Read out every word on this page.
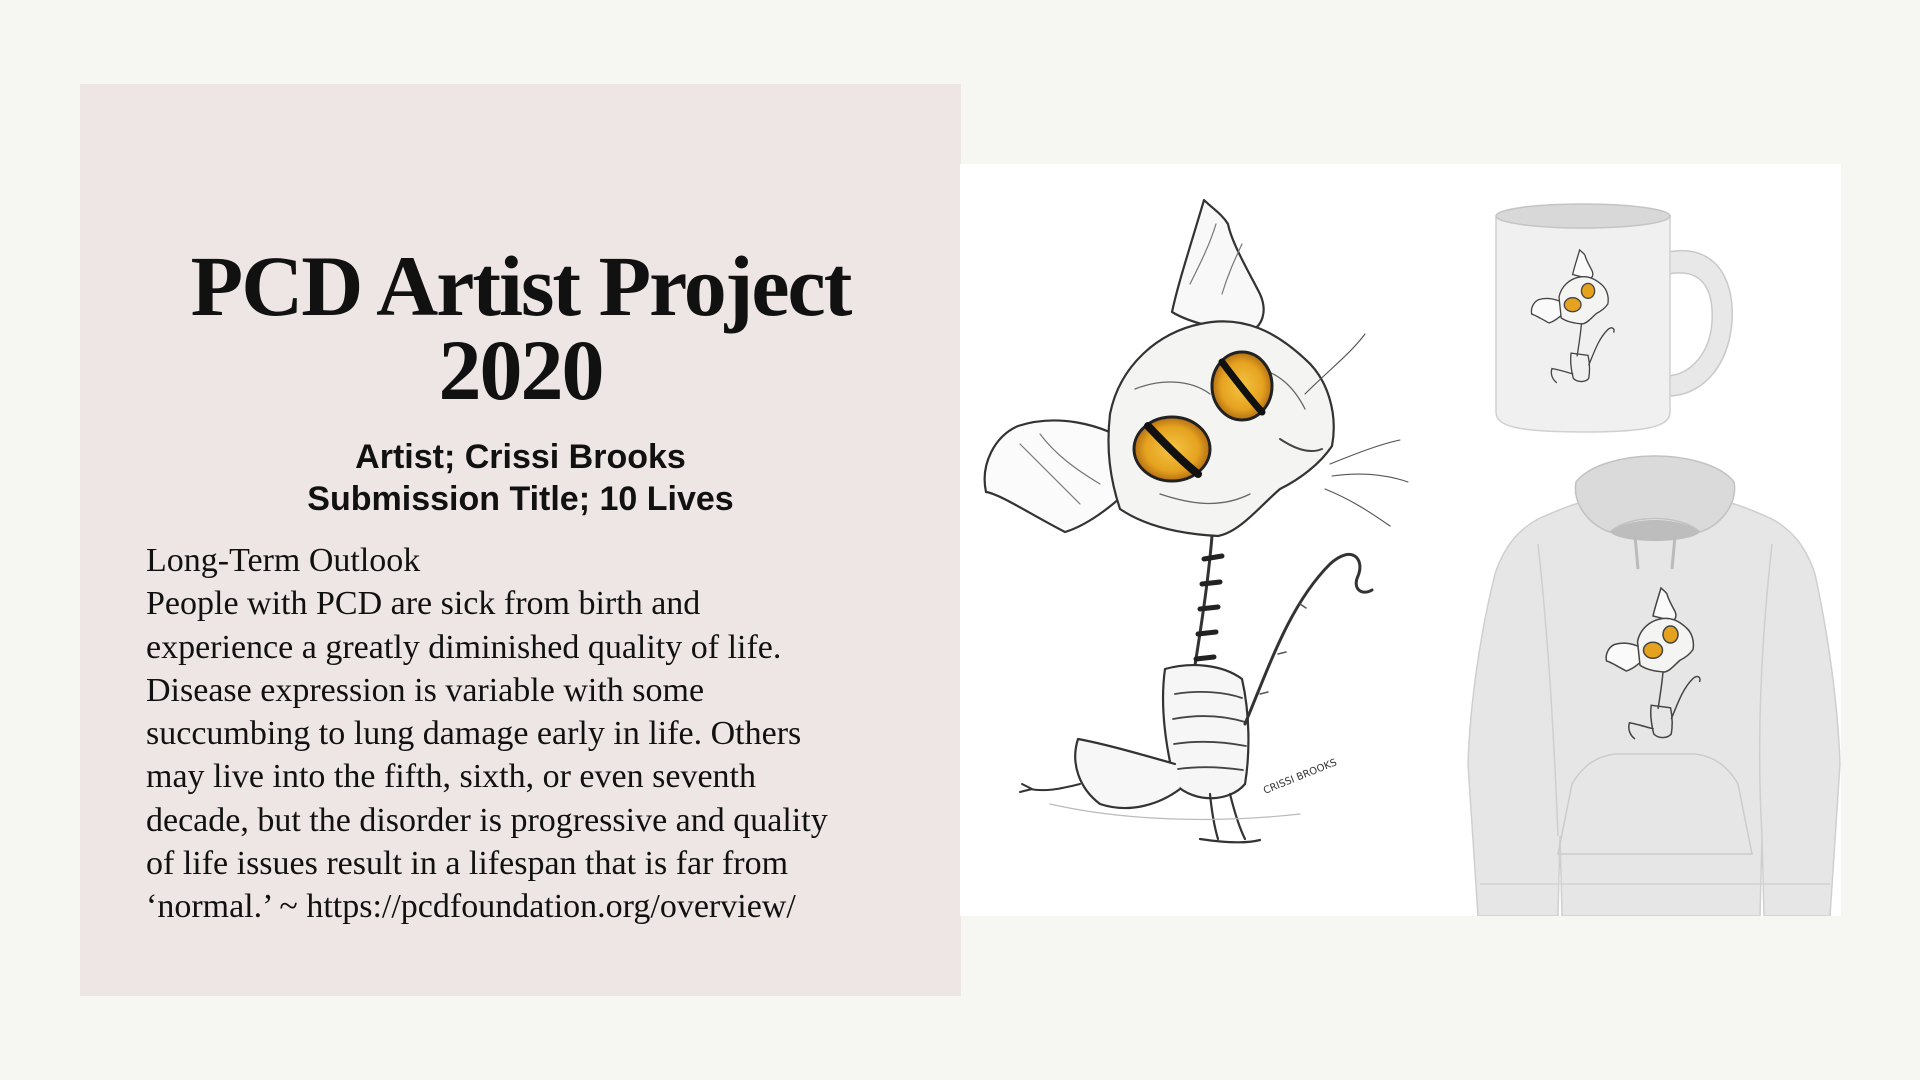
PCD Artist Project
2020
Artist; Crissi Brooks
Submission Title; 10 Lives
Long-Term Outlook
People with PCD are sick from birth and
experience a greatly diminished quality of life.
Disease expression is variable with some
succumbing to lung damage early in life. Others
may live into the fifth, sixth, or even seventh
decade, but the disorder is progressive and quality
of life issues result in a lifespan that is far from
‘normal.’ ~ https://pcdfoundation.org/overview/
CRISSI BROOKS
